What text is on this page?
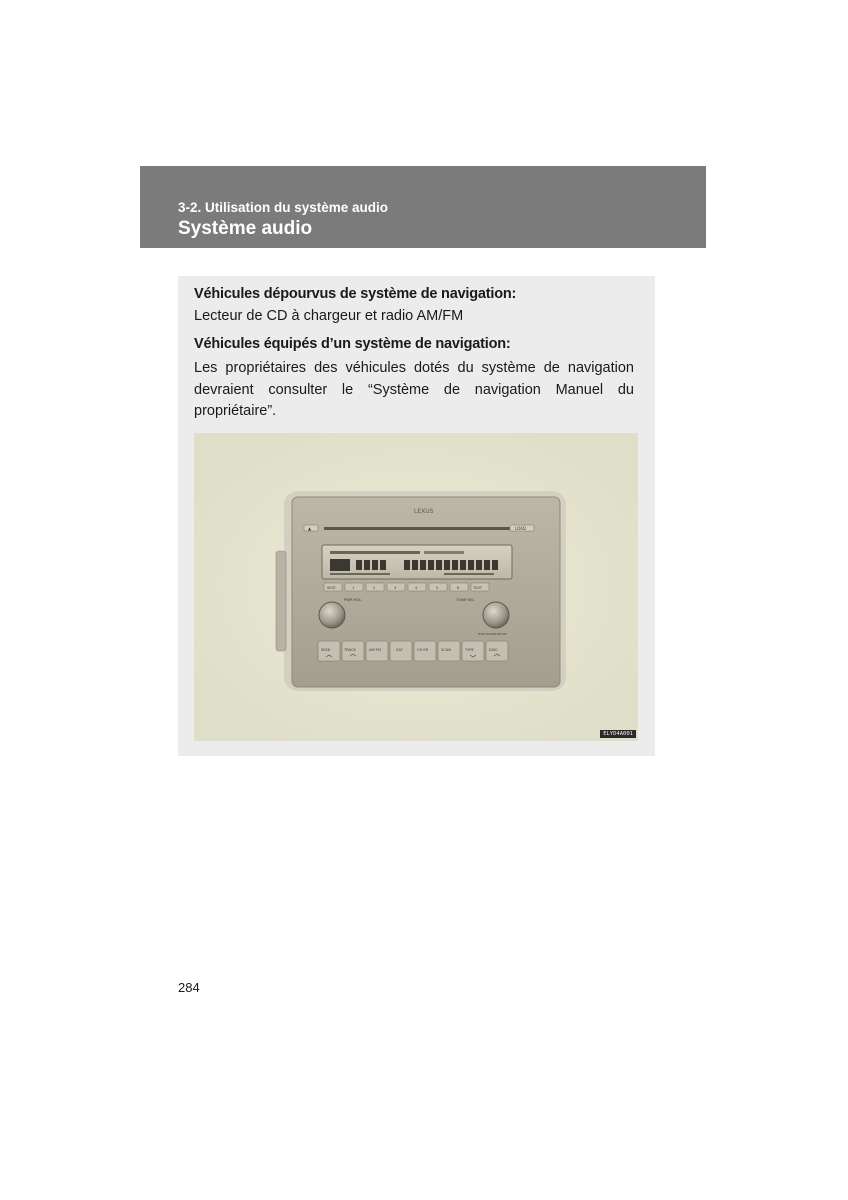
3-2. Utilisation du système audio
Système audio
Véhicules dépourvus de système de navigation:
Lecteur de CD à chargeur et radio AM/FM
Véhicules équipés d’un système de navigation:
Les propriétaires des véhicules dotés du système de navigation devraient consulter le “Système de navigation Manuel du propriétaire”.
LEXUS
▲	LOAD
SEAT	1	2	3	4	5	6	TEXT
PWR·VOL	TUNE·SEL
PUSH·SOUND·SETUP
SEEK	TRACK	AM·FM	SAT	CH·ER	SCAN	TYPE	DISC
ELYD4A001
284
